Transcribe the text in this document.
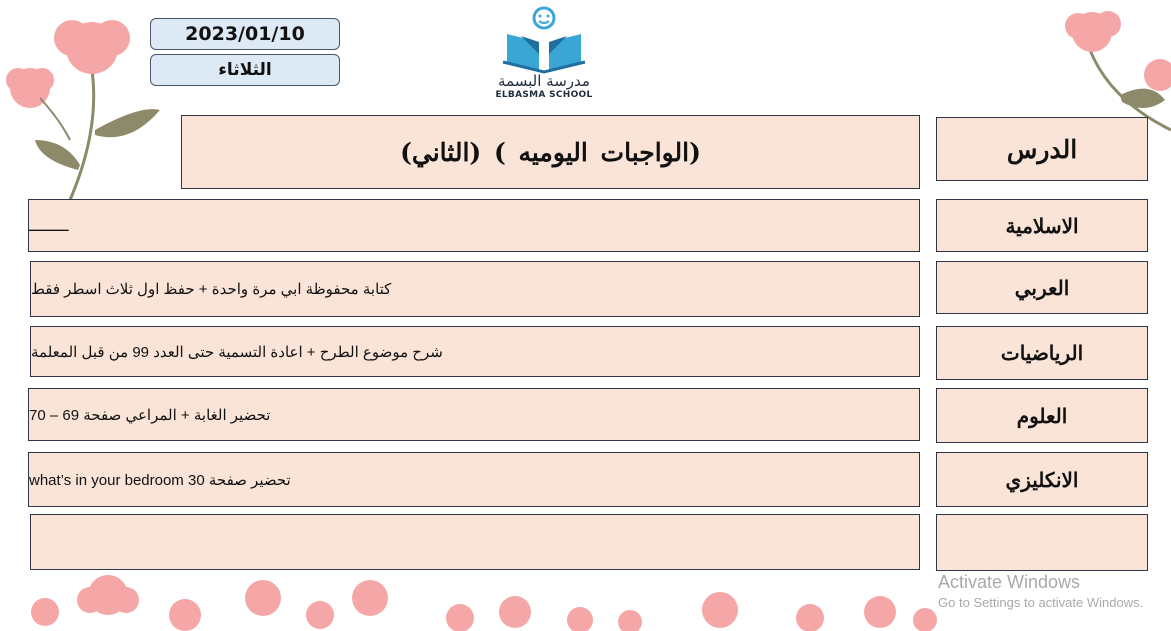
2023/01/10
الثلاثاء
مدرسة البسمة
ELBASMA SCHOOL
(الواجبات اليوميه ) (الثاني)	الدرس
ـــــــــ	الاسلامية
كتابة محفوظة ابي مرة واحدة + حفظ اول ثلاث اسطر فقط	العربي
شرح موضوع الطرح + اعادة التسمية حتى العدد 99 من قبل المعلمة	الرياضيات
تحضير الغابة + المراعي صفحة 69 – 70	العلوم
تحضير صفحة 30 what’s in your bedroom	الانكليزي
Activate Windows
Go to Settings to activate Windows.
